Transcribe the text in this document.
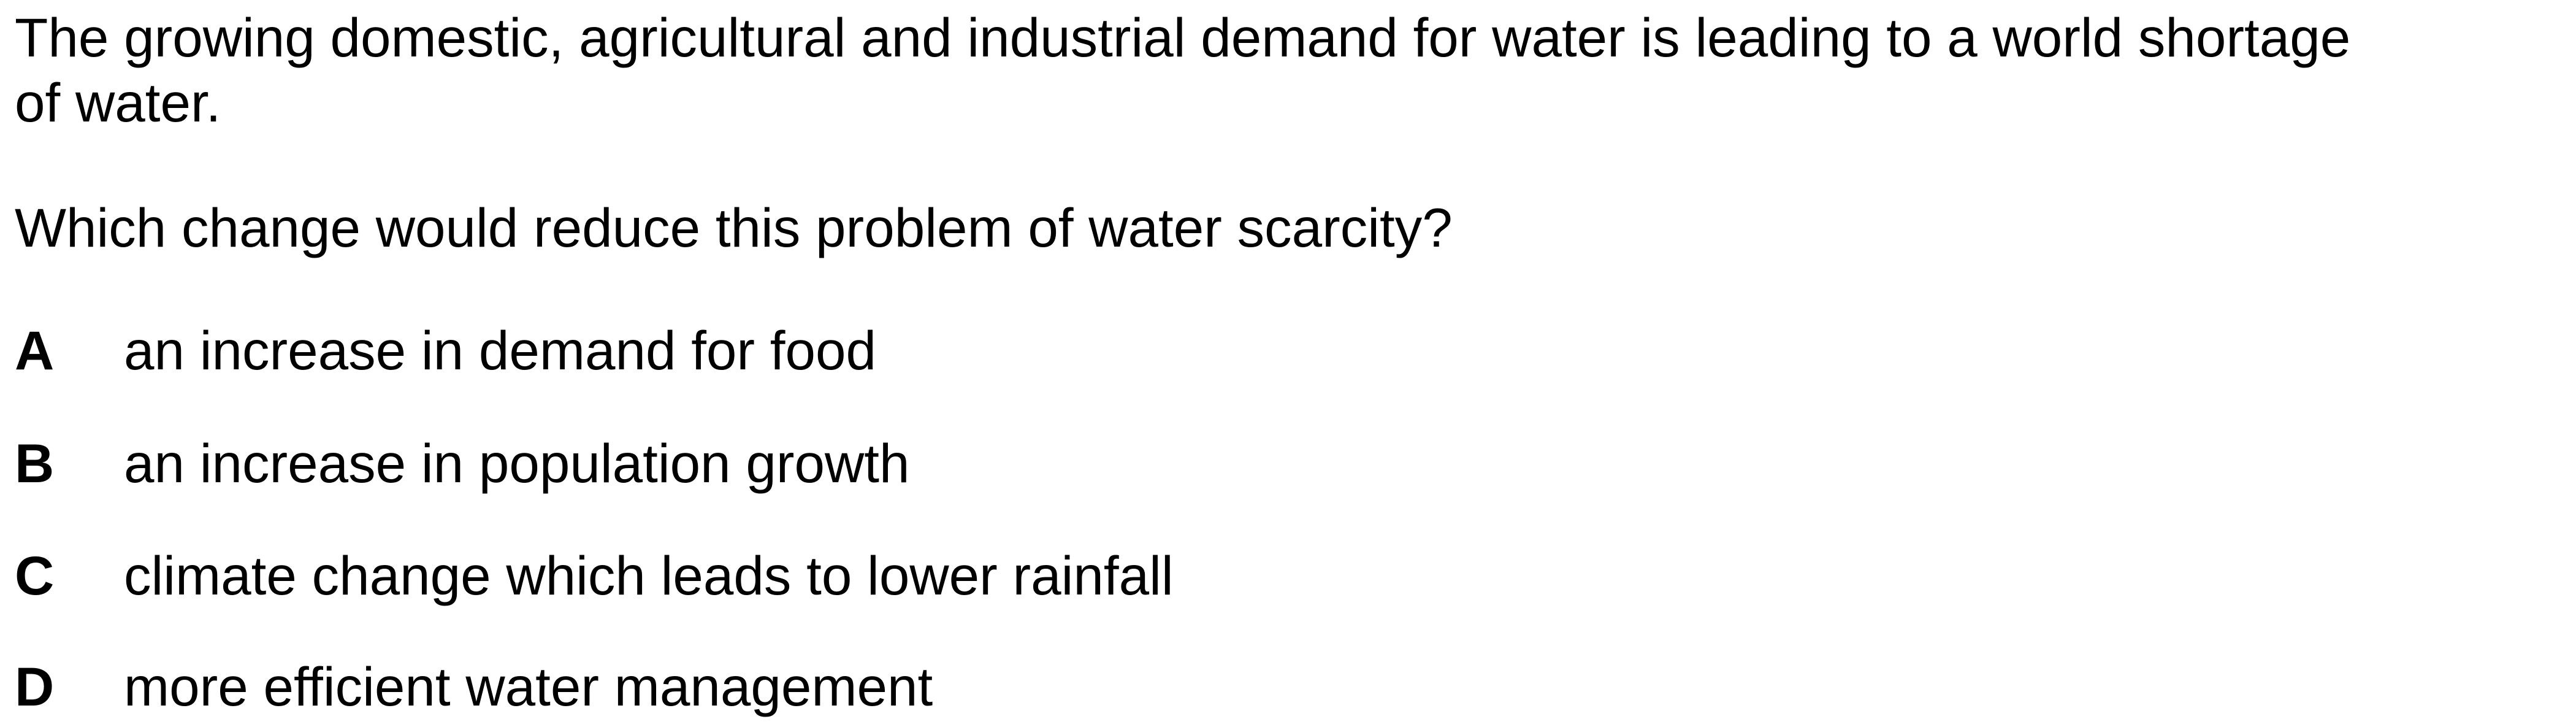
The growing domestic, agricultural and industrial demand for water is leading to a world shortage
of water.
Which change would reduce this problem of water scarcity?
A an increase in demand for food
B an increase in population growth
C climate change which leads to lower rainfall
D more efficient water management
